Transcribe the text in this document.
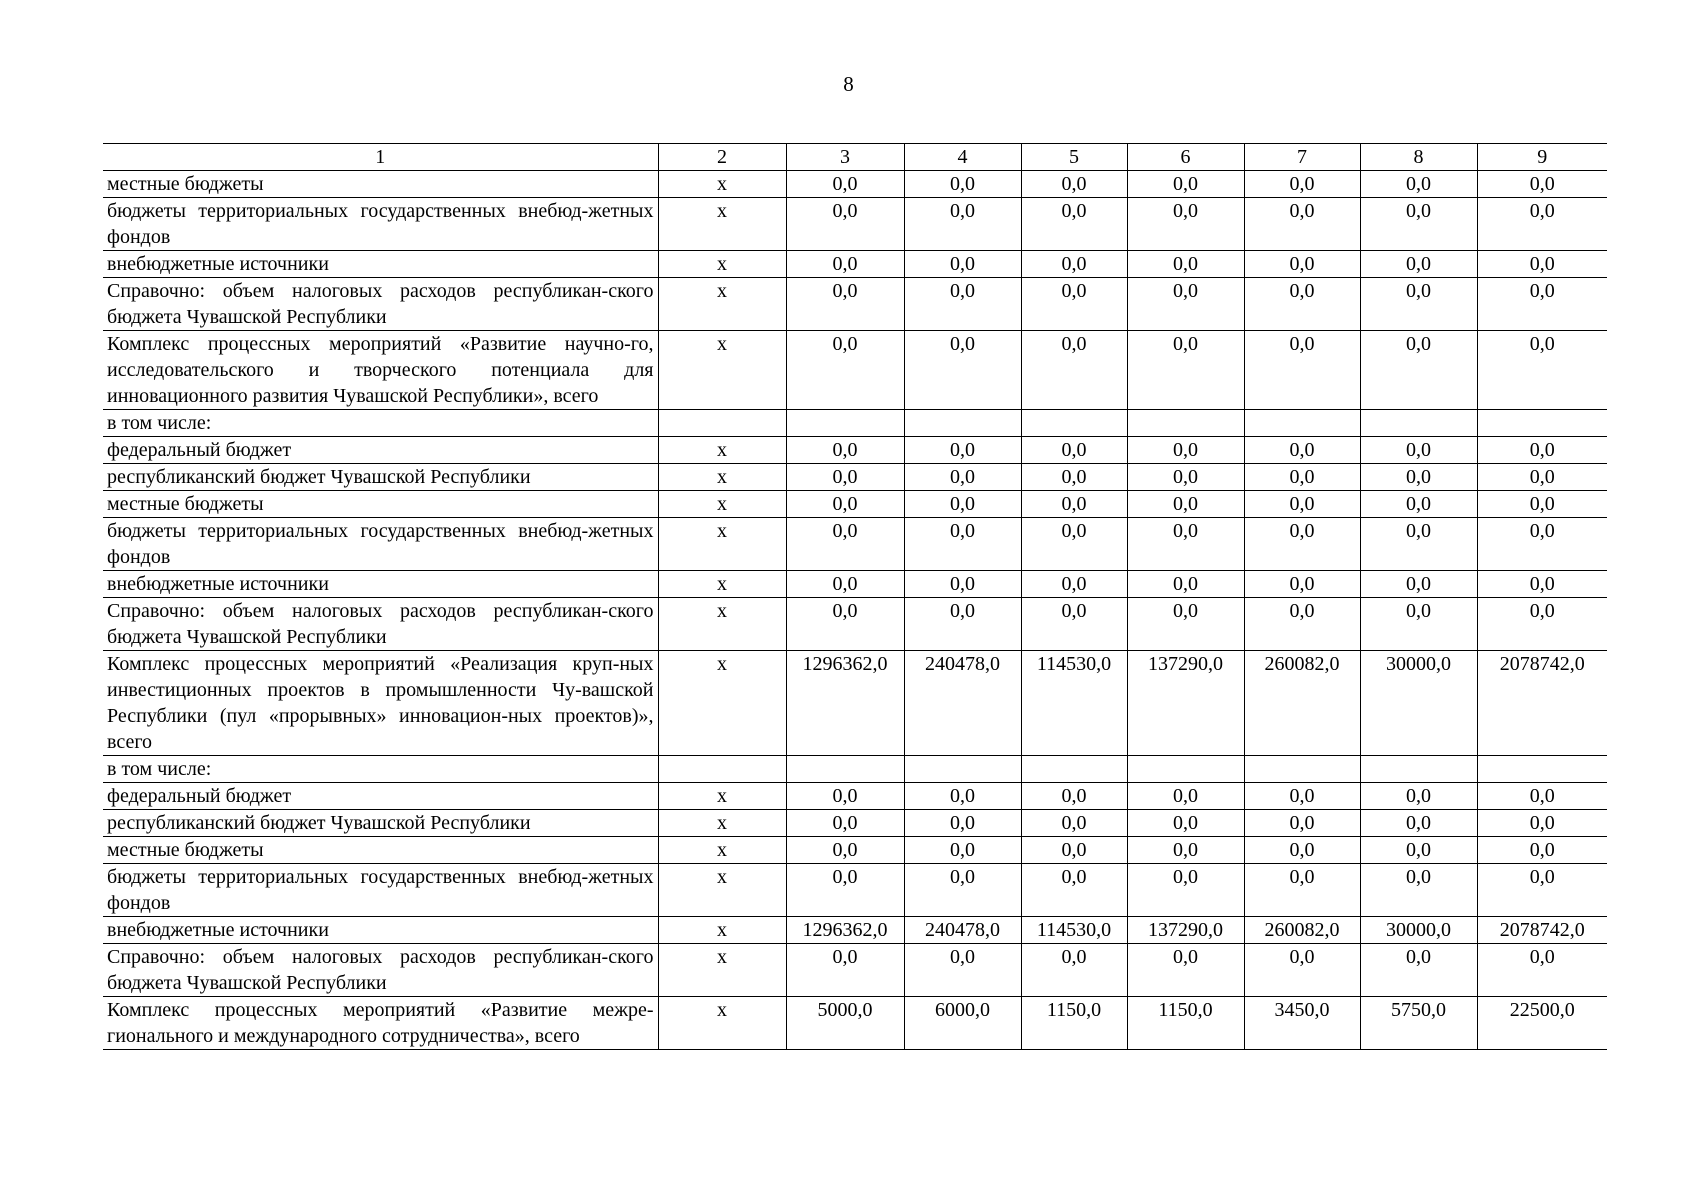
8
1	2	3	4	5	6	7	8	9
местные бюджеты	х	0,0	0,0	0,0	0,0	0,0	0,0	0,0
бюджеты территориальных государственных внебюд-жетных фондов	х	0,0	0,0	0,0	0,0	0,0	0,0	0,0
внебюджетные источники	х	0,0	0,0	0,0	0,0	0,0	0,0	0,0
Справочно: объем налоговых расходов республикан-ского бюджета Чувашской Республики	х	0,0	0,0	0,0	0,0	0,0	0,0	0,0
Комплекс процессных мероприятий «Развитие научно-го, исследовательского и творческого потенциала для инновационного развития Чувашской Республики», всего	х	0,0	0,0	0,0	0,0	0,0	0,0	0,0
в том числе:								
федеральный бюджет	х	0,0	0,0	0,0	0,0	0,0	0,0	0,0
республиканский бюджет Чувашской Республики	х	0,0	0,0	0,0	0,0	0,0	0,0	0,0
местные бюджеты	х	0,0	0,0	0,0	0,0	0,0	0,0	0,0
бюджеты территориальных государственных внебюд-жетных фондов	х	0,0	0,0	0,0	0,0	0,0	0,0	0,0
внебюджетные источники	х	0,0	0,0	0,0	0,0	0,0	0,0	0,0
Справочно: объем налоговых расходов республикан-ского бюджета Чувашской Республики	х	0,0	0,0	0,0	0,0	0,0	0,0	0,0
Комплекс процессных мероприятий «Реализация круп-ных инвестиционных проектов в промышленности Чу-вашской Республики (пул «прорывных» инновацион-ных проектов)», всего	х	1296362,0	240478,0	114530,0	137290,0	260082,0	30000,0	2078742,0
в том числе:								
федеральный бюджет	х	0,0	0,0	0,0	0,0	0,0	0,0	0,0
республиканский бюджет Чувашской Республики	х	0,0	0,0	0,0	0,0	0,0	0,0	0,0
местные бюджеты	х	0,0	0,0	0,0	0,0	0,0	0,0	0,0
бюджеты территориальных государственных внебюд-жетных фондов	х	0,0	0,0	0,0	0,0	0,0	0,0	0,0
внебюджетные источники	х	1296362,0	240478,0	114530,0	137290,0	260082,0	30000,0	2078742,0
Справочно: объем налоговых расходов республикан-ского бюджета Чувашской Республики	х	0,0	0,0	0,0	0,0	0,0	0,0	0,0
Комплекс процессных мероприятий «Развитие межре-гионального и международного сотрудничества», всего	х	5000,0	6000,0	1150,0	1150,0	3450,0	5750,0	22500,0
